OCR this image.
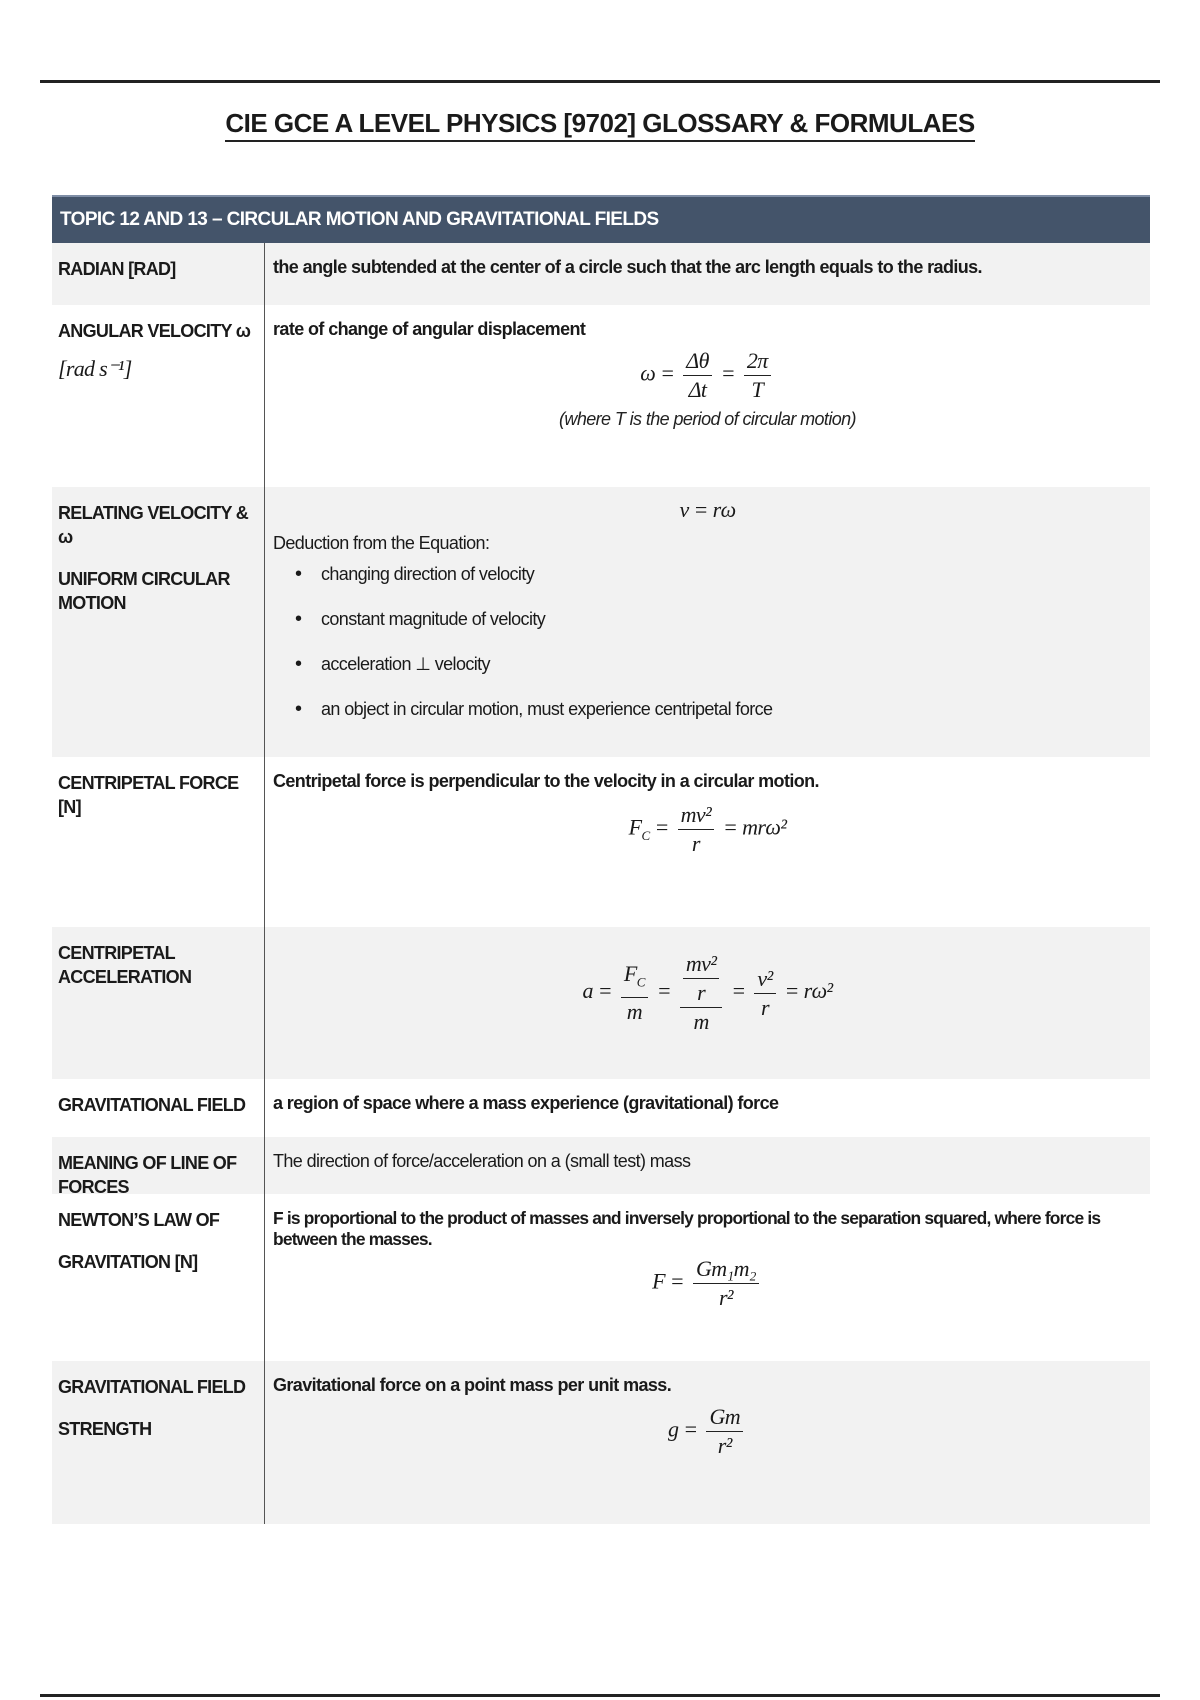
CIE GCE A LEVEL PHYSICS [9702] GLOSSARY & FORMULAES
TOPIC 12 AND 13 – CIRCULAR MOTION AND GRAVITATIONAL FIELDS
RADIAN [RAD]	the angle subtended at the center of a circle such that the arc length equals to the radius.
ANGULAR VELOCITY ω
[rad s⁻¹]
rate of change of angular displacement
$\omega = \frac{\Delta\theta}{\Delta t} = \frac{2\pi}{T}$
(where T is the period of circular motion)
RELATING VELOCITY & ω
UNIFORM CIRCULAR MOTION
v = rω
Deduction from the Equation:
• changing direction of velocity
• constant magnitude of velocity
• acceleration ⊥ velocity
• an object in circular motion, must experience centripetal force
CENTRIPETAL FORCE [N]
Centripetal force is perpendicular to the velocity in a circular motion.
$F_C = \frac{\text{mv²}}{r} = mr\omega^2$
CENTRIPETAL ACCELERATION
$a = \frac{F_C}{m} = \frac{\frac{\text{mv²}}{r}}{m} = \frac{\text{v²}}{r} = r\omega^2$
GRAVITATIONAL FIELD	a region of space where a mass experience (gravitational) force
MEANING OF LINE OF FORCES
The direction of force/acceleration on a (small test) mass
NEWTON’S LAW OF
GRAVITATION [N]
F is proportional to the product of masses and inversely proportional to the separation squared, where force is between the masses.
$F = \frac{\text{Gm₁m₂}}{\text{r²}}$
GRAVITATIONAL FIELD
STRENGTH
Gravitational force on a point mass per unit mass.
$g = \frac{Gm}{\text{r²}}$
